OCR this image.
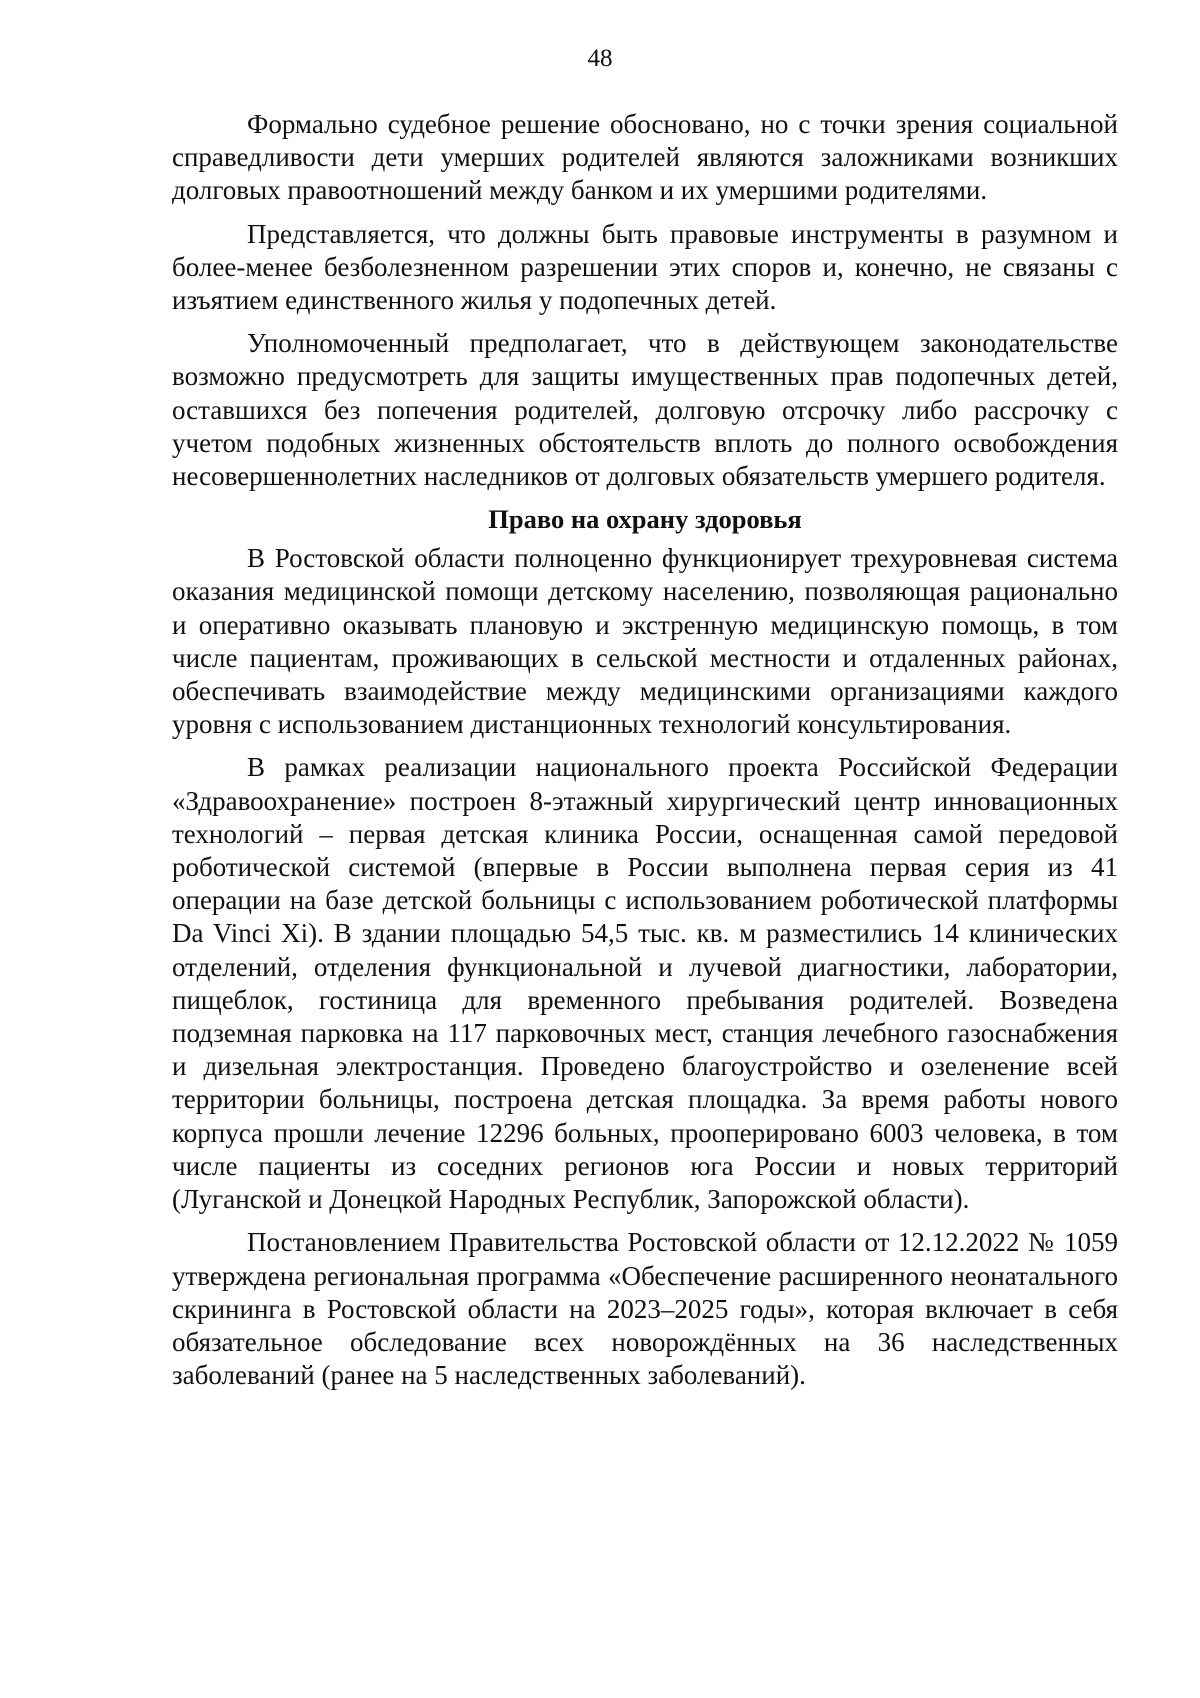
48

Формально судебное решение обосновано, но с точки зрения социальной справедливости дети умерших родителей являются заложниками возникших долговых правоотношений между банком и их умершими родителями.

Представляется, что должны быть правовые инструменты в разумном и более-менее безболезненном разрешении этих споров и, конечно, не связаны с изъятием единственного жилья у подопечных детей.

Уполномоченный предполагает, что в действующем законодательстве возможно предусмотреть для защиты имущественных прав подопечных детей, оставшихся без попечения родителей, долговую отсрочку либо рассрочку с учетом подобных жизненных обстоятельств вплоть до полного освобождения несовершеннолетних наследников от долговых обязательств умершего родителя.

Право на охрану здоровья

В Ростовской области полноценно функционирует трехуровневая система оказания медицинской помощи детскому населению, позволяющая рационально и оперативно оказывать плановую и экстренную медицинскую помощь, в том числе пациентам, проживающих в сельской местности и отдаленных районах, обеспечивать взаимодействие между медицинскими организациями каждого уровня с использованием дистанционных технологий консультирования.

В рамках реализации национального проекта Российской Федерации «Здравоохранение» построен 8-этажный хирургический центр инновационных технологий – первая детская клиника России, оснащенная самой передовой роботической системой (впервые в России выполнена первая серия из 41 операции на базе детской больницы с использованием роботической платформы Da Vinci Xi). В здании площадью 54,5 тыс. кв. м разместились 14 клинических отделений, отделения функциональной и лучевой диагностики, лаборатории, пищеблок, гостиница для временного пребывания родителей. Возведена подземная парковка на 117 парковочных мест, станция лечебного газоснабжения и дизельная электростанция. Проведено благоустройство и озеленение всей территории больницы, построена детская площадка. За время работы нового корпуса прошли лечение 12296 больных, прооперировано 6003 человека, в том числе пациенты из соседних регионов юга России и новых территорий (Луганской и Донецкой Народных Республик, Запорожской области).

Постановлением Правительства Ростовской области от 12.12.2022 № 1059 утверждена региональная программа «Обеспечение расширенного неонатального скрининга в Ростовской области на 2023–2025 годы», которая включает в себя обязательное обследование всех новорождённых на 36 наследственных заболеваний (ранее на 5 наследственных заболеваний).
